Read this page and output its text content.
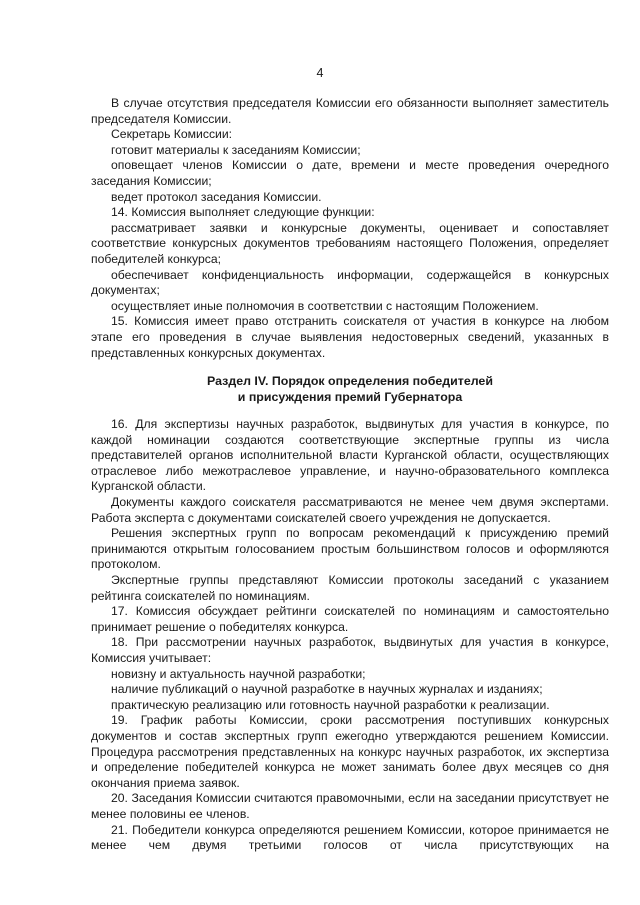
4

В случае отсутствия председателя Комиссии его обязанности выполняет заместитель председателя Комиссии.

Секретарь Комиссии:

готовит материалы к заседаниям Комиссии;

оповещает членов Комиссии о дате, времени и месте проведения очередного заседания Комиссии;

ведет протокол заседания Комиссии.

14. Комиссия выполняет следующие функции:

рассматривает заявки и конкурсные документы, оценивает и сопоставляет соответствие конкурсных документов требованиям настоящего Положения, определяет победителей конкурса;

обеспечивает конфиденциальность информации, содержащейся в конкурсных документах;

осуществляет иные полномочия в соответствии с настоящим Положением.

15. Комиссия имеет право отстранить соискателя от участия в конкурсе на любом этапе его проведения в случае выявления недостоверных сведений, указанных в представленных конкурсных документах.

Раздел IV. Порядок определения победителей

и присуждения премий Губернатора

16. Для экспертизы научных разработок, выдвинутых для участия в конкурсе, по каждой номинации создаются соответствующие экспертные группы из числа представителей органов исполнительной власти Курганской области, осуществляющих отраслевое либо межотраслевое управление, и научно-образовательного комплекса Курганской области.

Документы каждого соискателя рассматриваются не менее чем двумя экспертами. Работа эксперта с документами соискателей своего учреждения не допускается.

Решения экспертных групп по вопросам рекомендаций к присуждению премий принимаются открытым голосованием простым большинством голосов и оформляются протоколом.

Экспертные группы представляют Комиссии протоколы заседаний с указанием рейтинга соискателей по номинациям.

17. Комиссия обсуждает рейтинги соискателей по номинациям и самостоятельно принимает решение о победителях конкурса.

18. При рассмотрении научных разработок, выдвинутых для участия в конкурсе, Комиссия учитывает:

новизну и актуальность научной разработки;

наличие публикаций о научной разработке в научных журналах и изданиях;

практическую реализацию или готовность научной разработки к реализации.

19. График работы Комиссии, сроки рассмотрения поступивших конкурсных документов и состав экспертных групп ежегодно утверждаются решением Комиссии. Процедура рассмотрения представленных на конкурс научных разработок, их экспертиза и определение победителей конкурса не может занимать более двух месяцев со дня окончания приема заявок.

20. Заседания Комиссии считаются правомочными, если на заседании присутствует не менее половины ее членов.

21. Победители конкурса определяются решением Комиссии, которое принимается не менее чем двумя третьими голосов от числа присутствующих на
